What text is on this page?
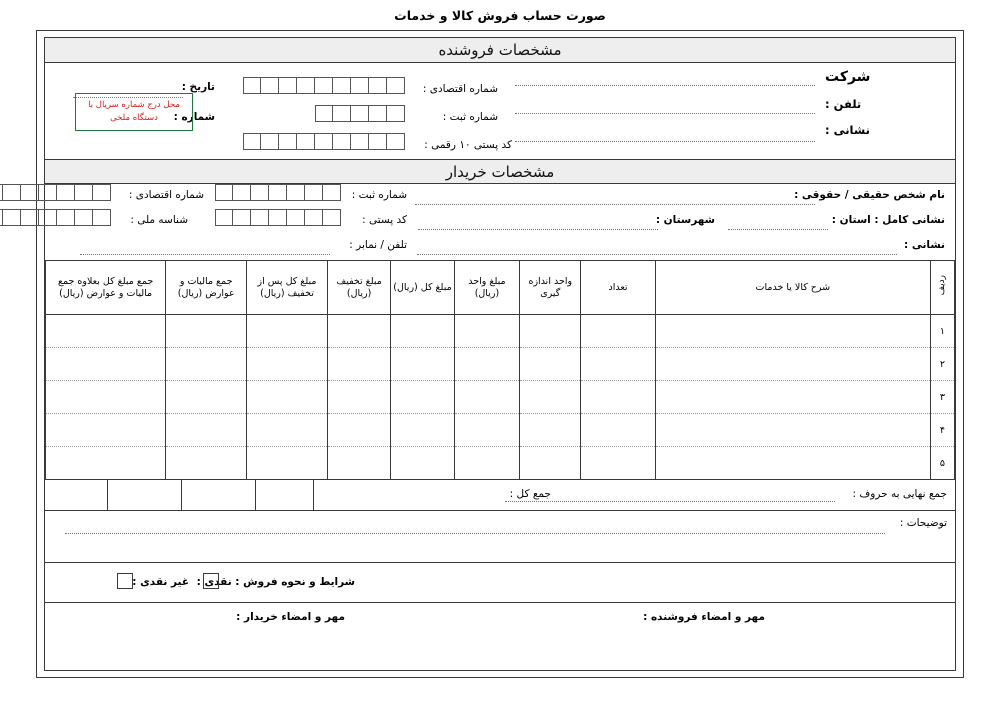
صورت حساب فروش کالا و خدمات
مشخصات فروشنده
شرکت
تلفن :
نشانی :
شماره اقتصادی :
شماره ثبت :
کد پستی ۱۰ رقمی :
تاریخ :
شماره :
محل درج شماره سریال با دستگاه ملخی
مشخصات خریدار
نام شخص حقیقی / حقوقی :
شماره ثبت :
شماره اقتصادی :
نشانی کامل : استان :
شهرستان :
کد پستی :
شناسه ملی :
نشانی :
تلفن / نمابر :
ردیف	شرح کالا یا خدمات	تعداد	واحد اندازه گیری	مبلغ واحد (ریال)	مبلغ کل (ریال)	مبلغ تخفیف (ریال)	مبلغ کل پس از تخفیف (ریال)	جمع مالیات و عوارض (ریال)	جمع مبلغ کل بعلاوه جمع مالیات و عوارض (ریال)
۱									
۲									
۳									
۴									
۵									
جمع نهایی به حروف :
جمع کل :
توضیحات :
شرایط و نحوه فروش : نقدی :
غیر نقدی :
مهر و امضاء فروشنده :
مهر و امضاء خریدار :
